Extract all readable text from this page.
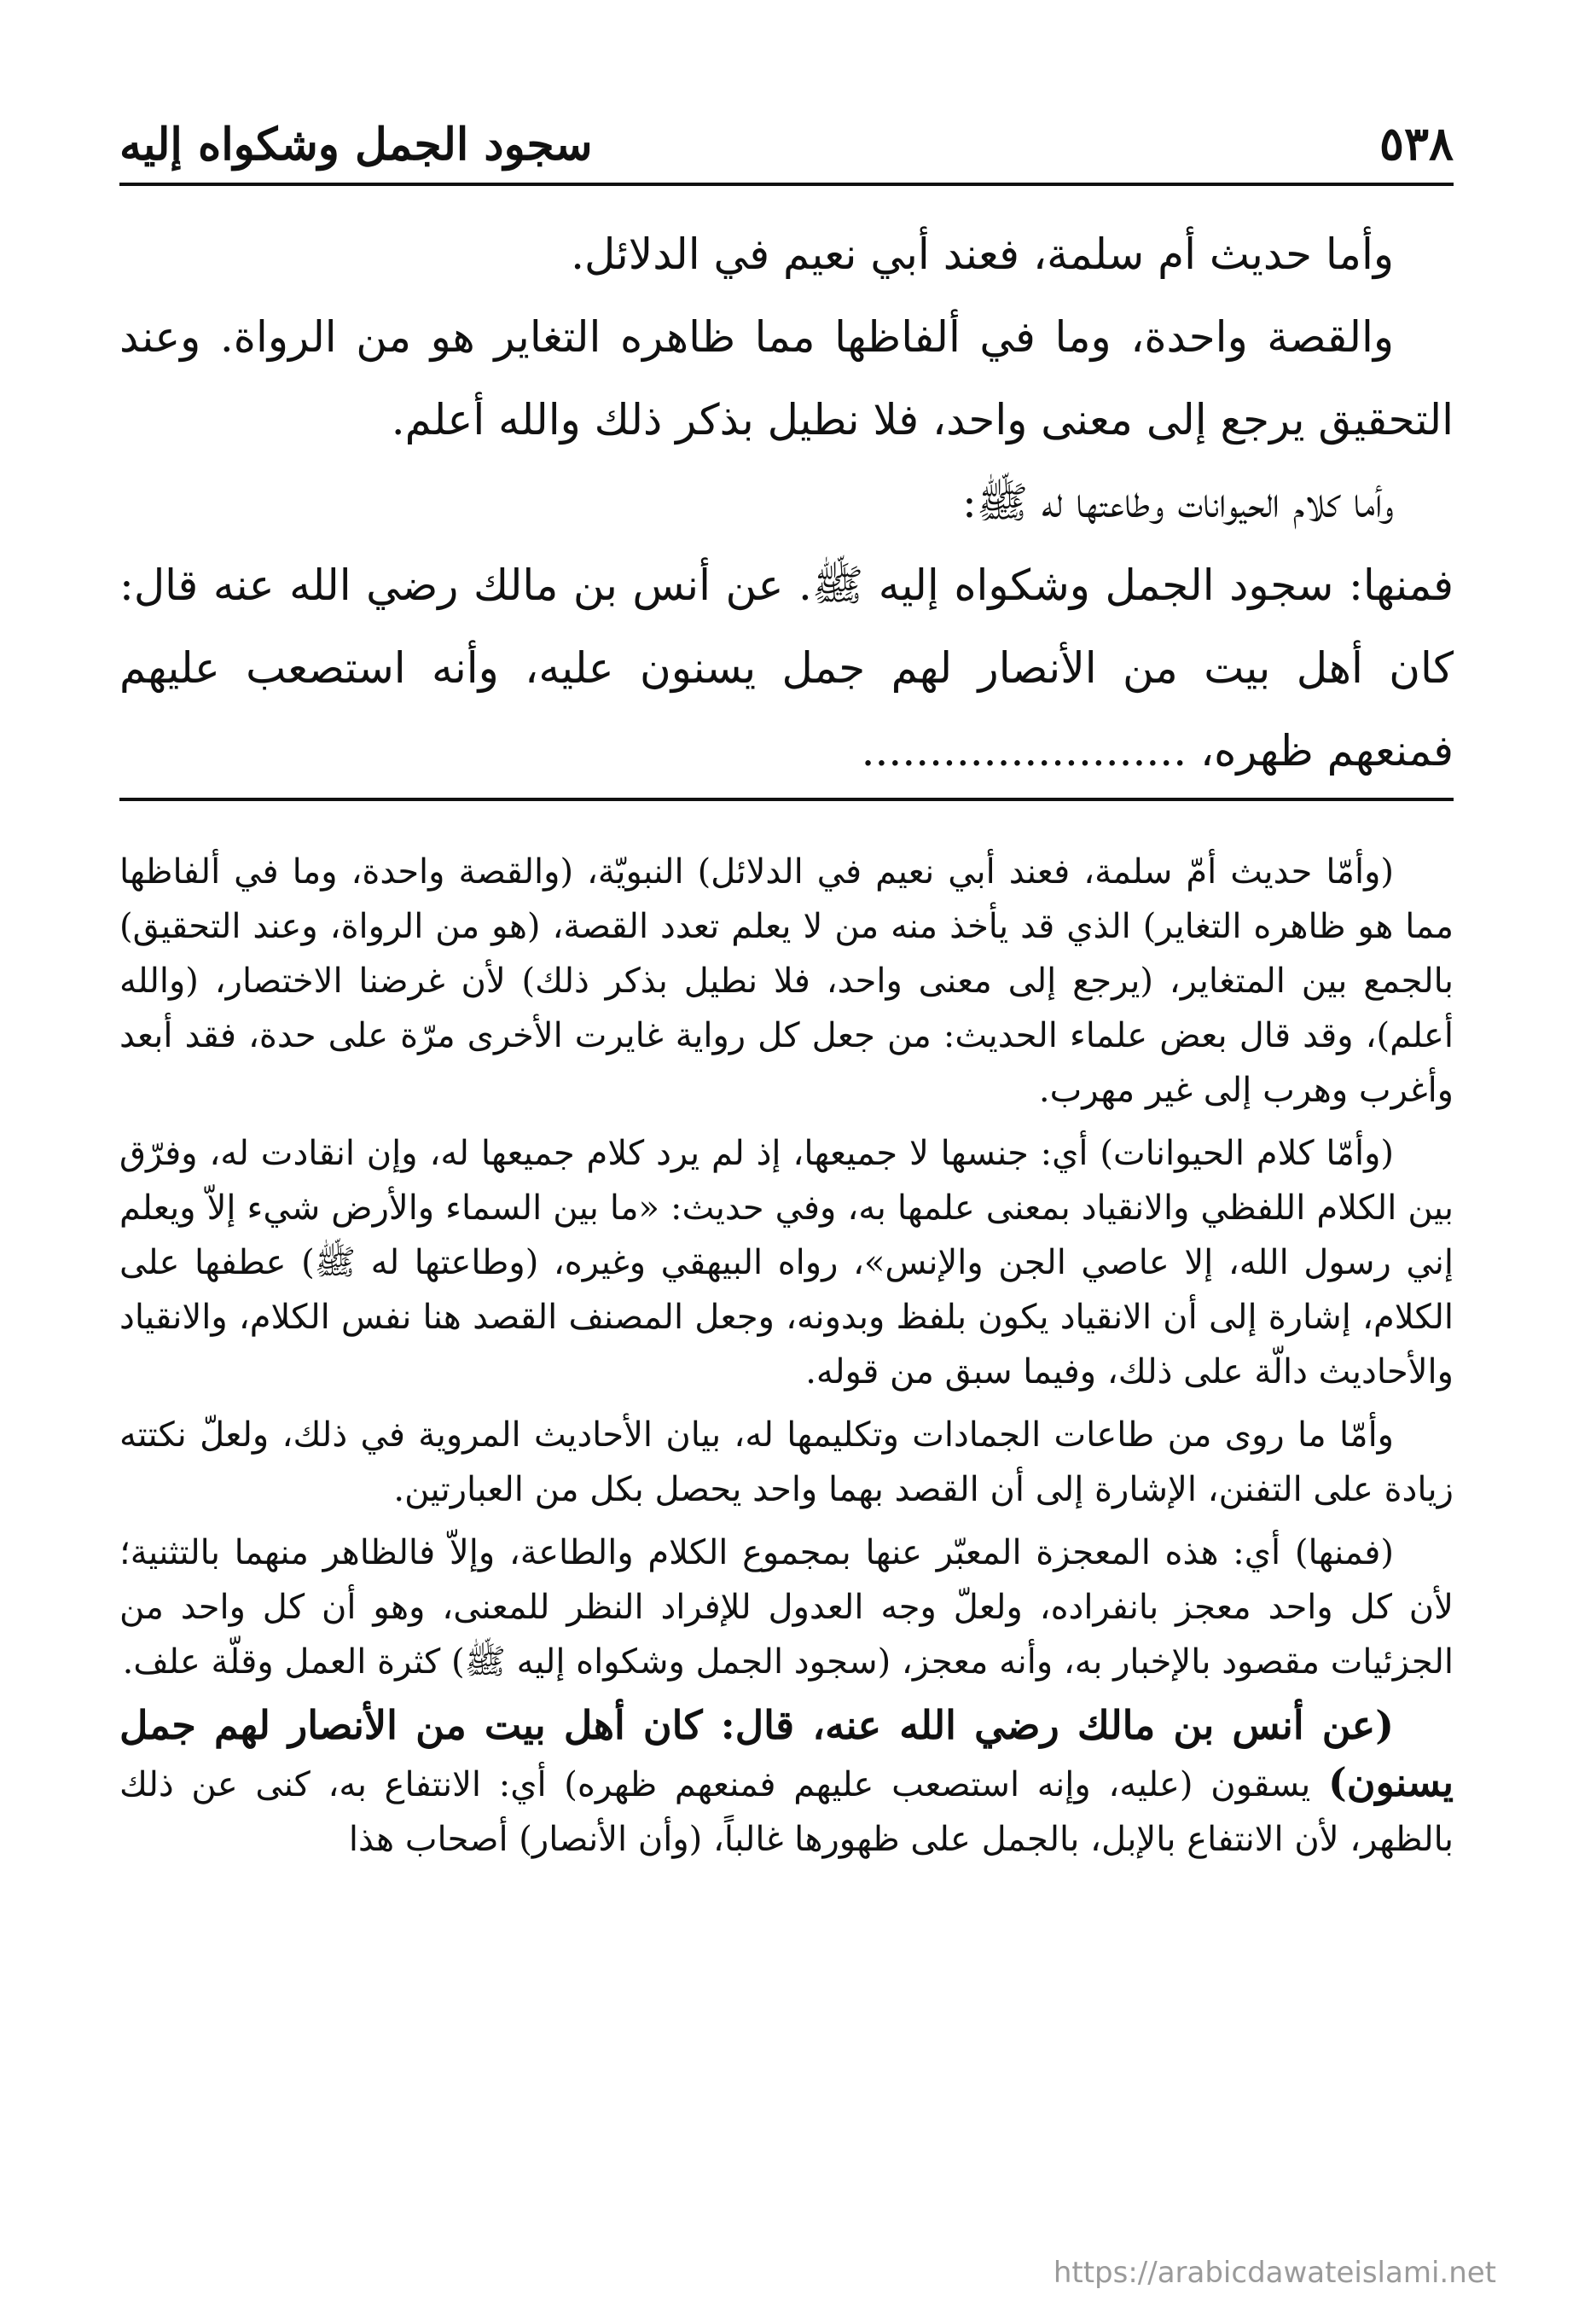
٥٣٨
سجود الجمل وشكواه إليه

وأما حديث أم سلمة، فعند أبي نعيم في الدلائل.

والقصة واحدة، وما في ألفاظها مما ظاهره التغاير هو من الرواة. وعند التحقيق يرجع إلى معنى واحد، فلا نطيل بذكر ذلك والله أعلم.

وأما كلام الحيوانات وطاعتها له ﷺ:

فمنها: سجود الجمل وشكواه إليه ﷺ. عن أنس بن مالك رضي الله عنه قال: كان أهل بيت من الأنصار لهم جمل يسنون عليه، وأنه استصعب عليهم فمنعهم ظهره، ........................

(وأمّا حديث أمّ سلمة، فعند أبي نعيم في الدلائل) النبويّة، (والقصة واحدة، وما في ألفاظها مما هو ظاهره التغاير) الذي قد يأخذ منه من لا يعلم تعدد القصة، (هو من الرواة، وعند التحقيق) بالجمع بين المتغاير، (يرجع إلى معنى واحد، فلا نطيل بذكر ذلك) لأن غرضنا الاختصار، (والله أعلم)، وقد قال بعض علماء الحديث: من جعل كل رواية غايرت الأخرى مرّة على حدة، فقد أبعد وأغرب وهرب إلى غير مهرب.

(وأمّا كلام الحيوانات) أي: جنسها لا جميعها، إذ لم يرد كلام جميعها له، وإن انقادت له، وفرّق بين الكلام اللفظي والانقياد بمعنى علمها به، وفي حديث: «ما بين السماء والأرض شيء إلاّ ويعلم إني رسول الله، إلا عاصي الجن والإنس»، رواه البيهقي وغيره، (وطاعتها له ﷺ) عطفها على الكلام، إشارة إلى أن الانقياد يكون بلفظ وبدونه، وجعل المصنف القصد هنا نفس الكلام، والانقياد والأحاديث دالّة على ذلك، وفيما سبق من قوله.

وأمّا ما روى من طاعات الجمادات وتكليمها له، بيان الأحاديث المروية في ذلك، ولعلّ نكتته زيادة على التفنن، الإشارة إلى أن القصد بهما واحد يحصل بكل من العبارتين.

(فمنها) أي: هذه المعجزة المعبّر عنها بمجموع الكلام والطاعة، وإلاّ فالظاهر منهما بالتثنية؛ لأن كل واحد معجز بانفراده، ولعلّ وجه العدول للإفراد النظر للمعنى، وهو أن كل واحد من الجزئيات مقصود بالإخبار به، وأنه معجز، (سجود الجمل وشكواه إليه ﷺ) كثرة العمل وقلّة علف.

(عن أنس بن مالك رضي الله عنه، قال: كان أهل بيت من الأنصار لهم جمل يسنون) يسقون (عليه، وإنه استصعب عليهم فمنعهم ظهره) أي: الانتفاع به، كنى عن ذلك بالظهر، لأن الانتفاع بالإبل، بالجمل على ظهورها غالباً، (وأن الأنصار) أصحاب هذا

https://arabicdawateislami.net
